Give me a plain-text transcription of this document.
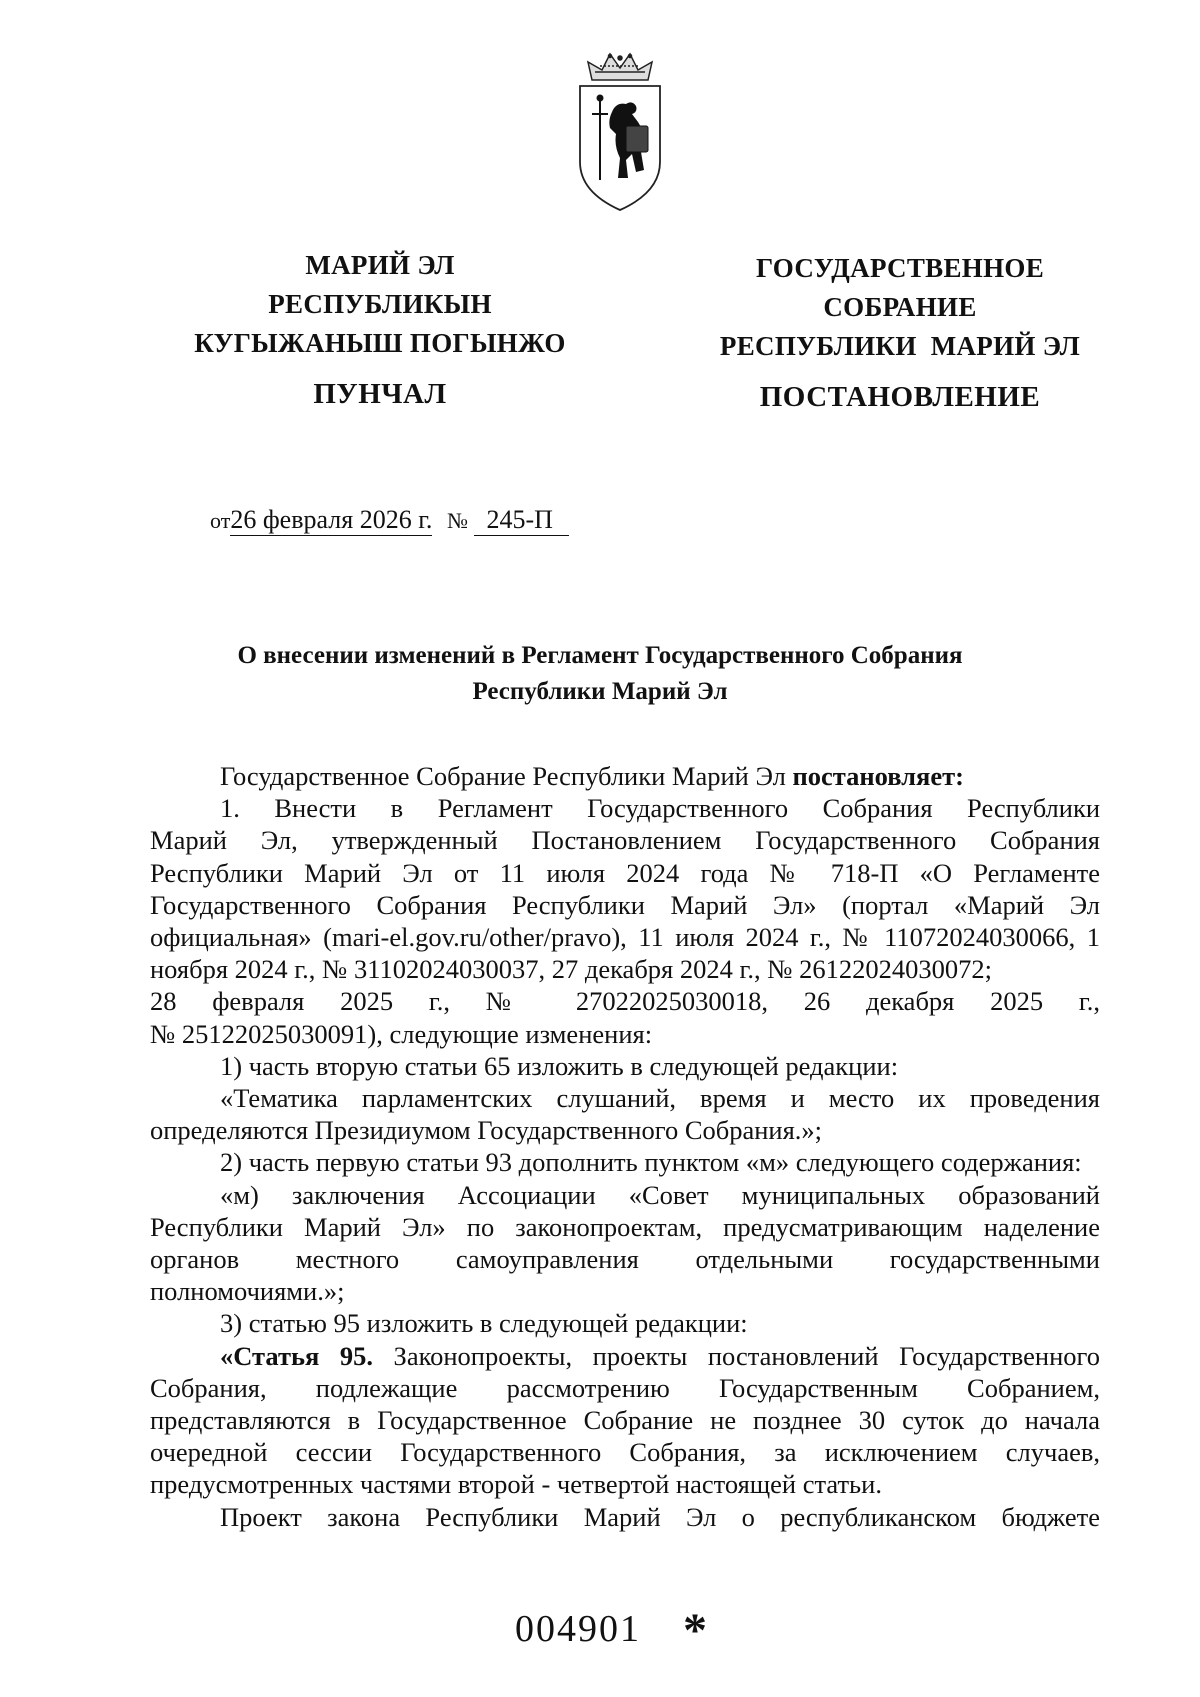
МАРИЙ ЭЛ
РЕСПУБЛИКЫН
КУГЫЖАНЫШ ПОГЫНЖО
ГОСУДАРСТВЕННОЕ
СОБРАНИЕ
РЕСПУБЛИКИ  МАРИЙ ЭЛ
ПУНЧАЛ	ПОСТАНОВЛЕНИЕ
от26 февраля 2026 г. № 245-П
О внесении изменений в Регламент Государственного Собрания
Республики Марий Эл

Государственное Собрание Республики Марий Эл постановляет:

1. Внести в Регламент Государственного Собрания Республики

Марий Эл, утвержденный Постановлением Государственного Собрания Республики Марий Эл от 11 июля 2024 года № 718-П «О Регламенте Государственного Собрания Республики Марий Эл» (портал «Марий Эл официальная» (mari-el.gov.ru/other/pravo), 11 июля 2024 г., № 11072024030066, 1 ноября 2024 г., № 31102024030037, 27 декабря 2024 г., № 26122024030072;

28 февраля 2025 г., № 27022025030018, 26 декабря 2025 г.,

№ 25122025030091), следующие изменения:

1) часть вторую статьи 65 изложить в следующей редакции:

«Тематика парламентских слушаний, время и место их проведения определяются Президиумом Государственного Собрания.»;

2) часть первую статьи 93 дополнить пунктом «м» следующего содержания:

«м) заключения Ассоциации «Совет муниципальных образований Республики Марий Эл» по законопроектам, предусматривающим наделение органов местного самоуправления отдельными государственными полномочиями.»;

3) статью 95 изложить в следующей редакции:

«Статья 95. Законопроекты, проекты постановлений Государственного Собрания, подлежащие рассмотрению Государственным Собранием, представляются в Государственное Собрание не позднее 30 суток до начала очередной сессии Государственного Собрания, за исключением случаев, предусмотренных частями второй - четвертой настоящей статьи.

Проект закона Республики Марий Эл о республиканском бюджете

004901 *
